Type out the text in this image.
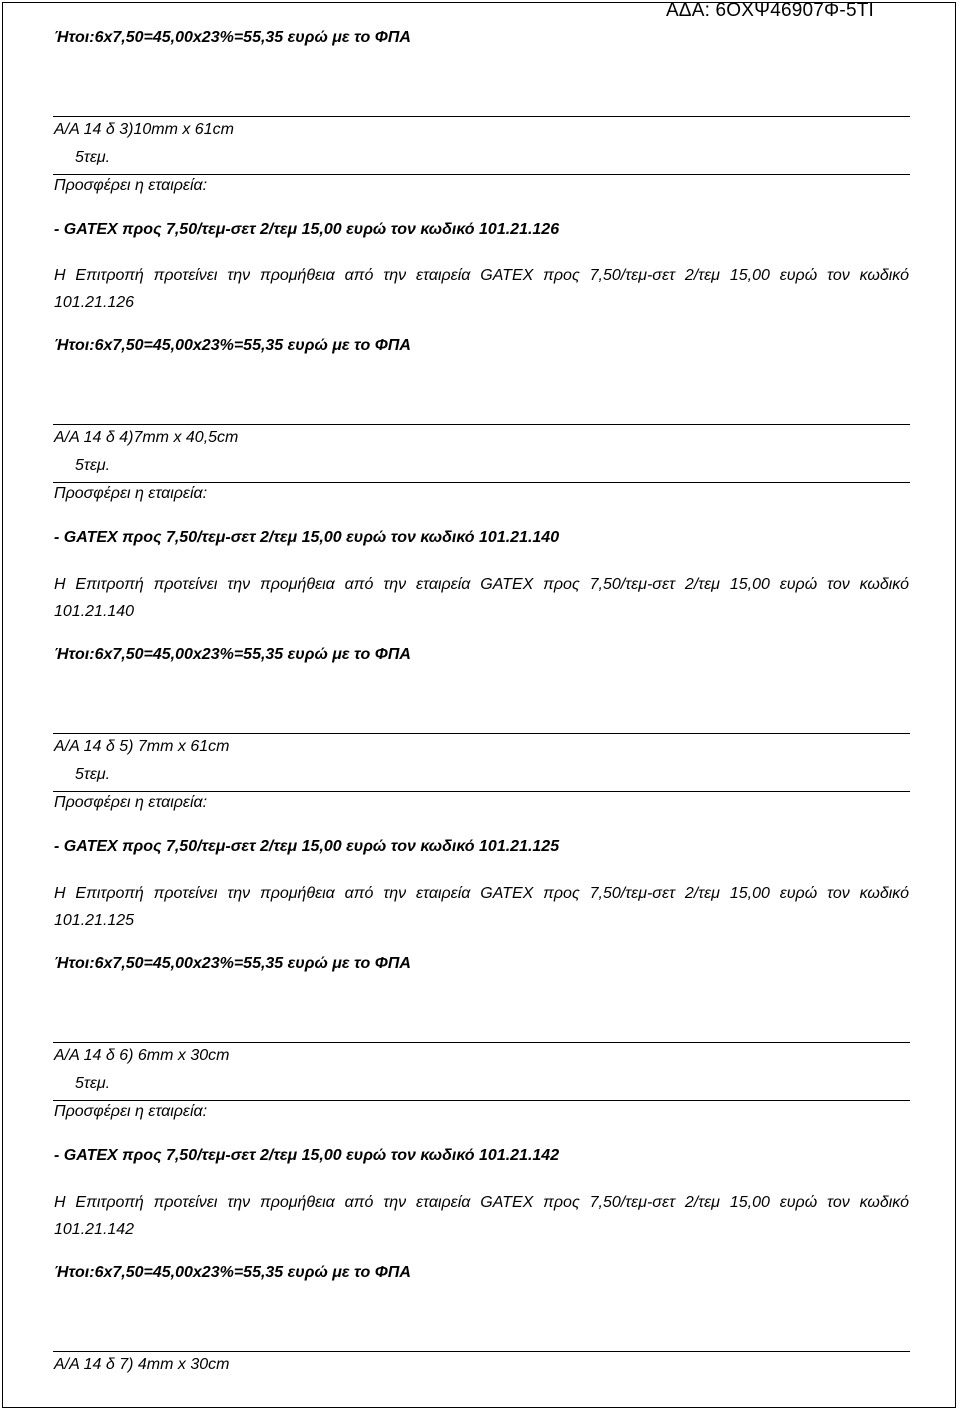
ΑΔΑ: 6ΟΧΨ46907Φ-5ΤΙ
Ήτοι:6x7,50=45,00x23%=55,35 ευρώ με το ΦΠΑ
Α/Α 14 δ 3)10mm x 61cm
5τεμ.
Προσφέρει η εταιρεία:
- GATEX προς 7,50/τεμ-σετ 2/τεμ 15,00 ευρώ τον κωδικό 101.21.126
Η Επιτροπή προτείνει την προμήθεια από την εταιρεία GATEX προς 7,50/τεμ-σετ 2/τεμ 15,00 ευρώ τον κωδικό 101.21.126
Ήτοι:6x7,50=45,00x23%=55,35 ευρώ με το ΦΠΑ
Α/Α 14 δ 4)7mm x 40,5cm
5τεμ.
Προσφέρει η εταιρεία:
- GATEX προς 7,50/τεμ-σετ 2/τεμ 15,00 ευρώ τον κωδικό 101.21.140
Η Επιτροπή προτείνει την προμήθεια από την εταιρεία GATEX προς 7,50/τεμ-σετ 2/τεμ 15,00 ευρώ τον κωδικό 101.21.140
Ήτοι:6x7,50=45,00x23%=55,35 ευρώ με το ΦΠΑ
Α/Α 14 δ 5) 7mm x 61cm
5τεμ.
Προσφέρει η εταιρεία:
- GATEX προς 7,50/τεμ-σετ 2/τεμ 15,00 ευρώ τον κωδικό 101.21.125
Η Επιτροπή προτείνει την προμήθεια από την εταιρεία GATEX προς 7,50/τεμ-σετ 2/τεμ 15,00 ευρώ τον κωδικό 101.21.125
Ήτοι:6x7,50=45,00x23%=55,35 ευρώ με το ΦΠΑ
Α/Α 14 δ 6) 6mm x 30cm
5τεμ.
Προσφέρει η εταιρεία:
- GATEX προς 7,50/τεμ-σετ 2/τεμ 15,00 ευρώ τον κωδικό 101.21.142
Η Επιτροπή προτείνει την προμήθεια από την εταιρεία GATEX προς 7,50/τεμ-σετ 2/τεμ 15,00 ευρώ τον κωδικό 101.21.142
Ήτοι:6x7,50=45,00x23%=55,35 ευρώ με το ΦΠΑ
Α/Α 14 δ 7) 4mm x 30cm
